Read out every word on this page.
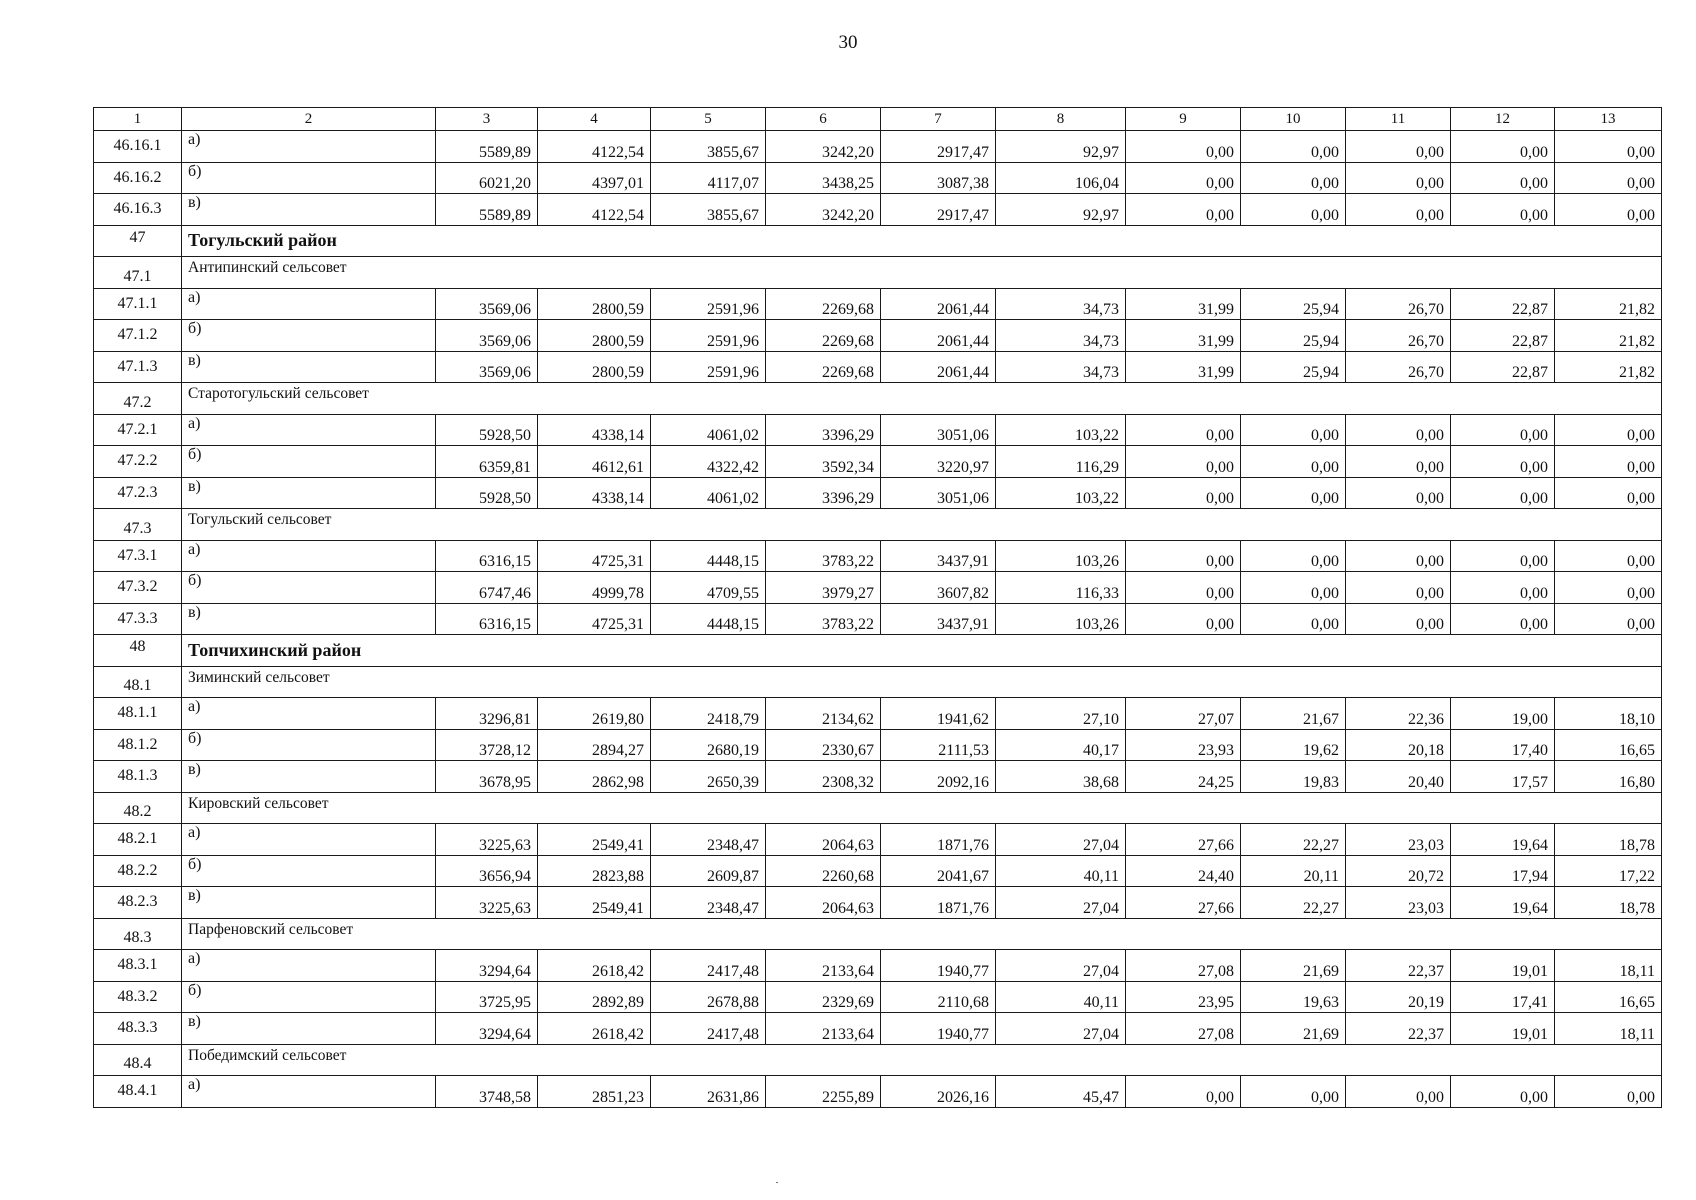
30
1	2	3	4	5	6	7	8	9	10	11	12	13
46.16.1	а)	5589,89	4122,54	3855,67	3242,20	2917,47	92,97	0,00	0,00	0,00	0,00	0,00
46.16.2	б)	6021,20	4397,01	4117,07	3438,25	3087,38	106,04	0,00	0,00	0,00	0,00	0,00
46.16.3	в)	5589,89	4122,54	3855,67	3242,20	2917,47	92,97	0,00	0,00	0,00	0,00	0,00
47	Тогульский район											
47.1	Антипинский сельсовет											
47.1.1	а)	3569,06	2800,59	2591,96	2269,68	2061,44	34,73	31,99	25,94	26,70	22,87	21,82
47.1.2	б)	3569,06	2800,59	2591,96	2269,68	2061,44	34,73	31,99	25,94	26,70	22,87	21,82
47.1.3	в)	3569,06	2800,59	2591,96	2269,68	2061,44	34,73	31,99	25,94	26,70	22,87	21,82
47.2	Старотогульский сельсовет											
47.2.1	а)	5928,50	4338,14	4061,02	3396,29	3051,06	103,22	0,00	0,00	0,00	0,00	0,00
47.2.2	б)	6359,81	4612,61	4322,42	3592,34	3220,97	116,29	0,00	0,00	0,00	0,00	0,00
47.2.3	в)	5928,50	4338,14	4061,02	3396,29	3051,06	103,22	0,00	0,00	0,00	0,00	0,00
47.3	Тогульский сельсовет											
47.3.1	а)	6316,15	4725,31	4448,15	3783,22	3437,91	103,26	0,00	0,00	0,00	0,00	0,00
47.3.2	б)	6747,46	4999,78	4709,55	3979,27	3607,82	116,33	0,00	0,00	0,00	0,00	0,00
47.3.3	в)	6316,15	4725,31	4448,15	3783,22	3437,91	103,26	0,00	0,00	0,00	0,00	0,00
48	Топчихинский район											
48.1	Зиминский сельсовет											
48.1.1	а)	3296,81	2619,80	2418,79	2134,62	1941,62	27,10	27,07	21,67	22,36	19,00	18,10
48.1.2	б)	3728,12	2894,27	2680,19	2330,67	2111,53	40,17	23,93	19,62	20,18	17,40	16,65
48.1.3	в)	3678,95	2862,98	2650,39	2308,32	2092,16	38,68	24,25	19,83	20,40	17,57	16,80
48.2	Кировский сельсовет											
48.2.1	а)	3225,63	2549,41	2348,47	2064,63	1871,76	27,04	27,66	22,27	23,03	19,64	18,78
48.2.2	б)	3656,94	2823,88	2609,87	2260,68	2041,67	40,11	24,40	20,11	20,72	17,94	17,22
48.2.3	в)	3225,63	2549,41	2348,47	2064,63	1871,76	27,04	27,66	22,27	23,03	19,64	18,78
48.3	Парфеновский сельсовет											
48.3.1	а)	3294,64	2618,42	2417,48	2133,64	1940,77	27,04	27,08	21,69	22,37	19,01	18,11
48.3.2	б)	3725,95	2892,89	2678,88	2329,69	2110,68	40,11	23,95	19,63	20,19	17,41	16,65
48.3.3	в)	3294,64	2618,42	2417,48	2133,64	1940,77	27,04	27,08	21,69	22,37	19,01	18,11
48.4	Победимский сельсовет											
48.4.1	а)	3748,58	2851,23	2631,86	2255,89	2026,16	45,47	0,00	0,00	0,00	0,00	0,00
